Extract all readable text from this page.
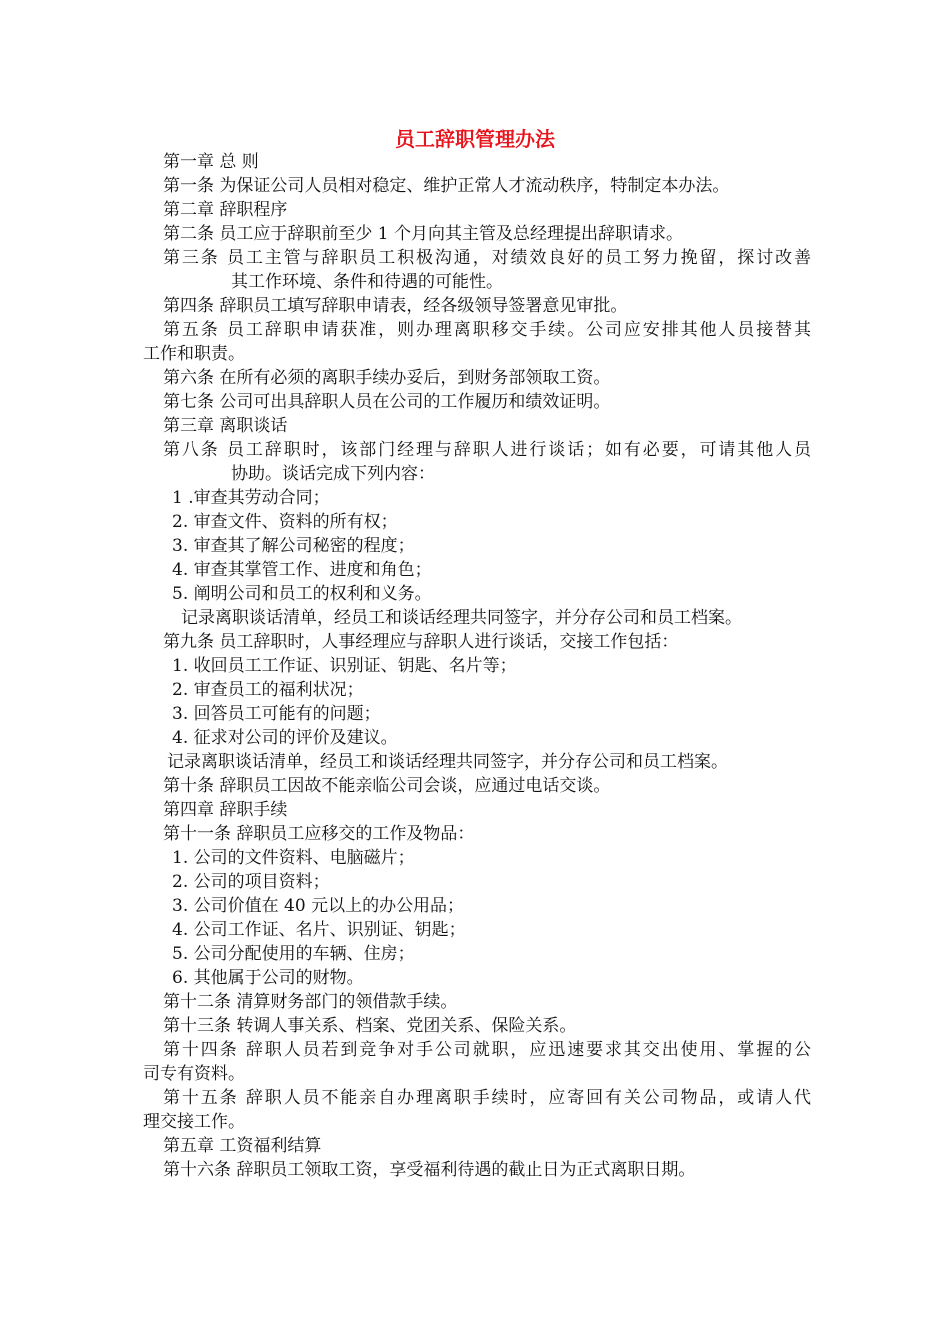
员工辞职管理办法
第一章 总 则
第一条 为保证公司人员相对稳定、维护正常人才流动秩序，特制定本办法。
第二章 辞职程序
第二条 员工应于辞职前至少 1 个月向其主管及总经理提出辞职请求。
第三条 员工主管与辞职员工积极沟通，对绩效良好的员工努力挽留，探讨改善
其工作环境、条件和待遇的可能性。
第四条 辞职员工填写辞职申请表，经各级领导签署意见审批。
第五条 员工辞职申请获准，则办理离职移交手续。公司应安排其他人员接替其
工作和职责。
第六条 在所有必须的离职手续办妥后，到财务部领取工资。
第七条 公司可出具辞职人员在公司的工作履历和绩效证明。
第三章 离职谈话
第八条 员工辞职时，该部门经理与辞职人进行谈话；如有必要，可请其他人员
协助。谈话完成下列内容：
1 .审查其劳动合同；
2. 审查文件、资料的所有权；
3. 审查其了解公司秘密的程度；
4. 审查其掌管工作、进度和角色；
5. 阐明公司和员工的权利和义务。
记录离职谈话清单，经员工和谈话经理共同签字，并分存公司和员工档案。
第九条 员工辞职时，人事经理应与辞职人进行谈话，交接工作包括：
1. 收回员工工作证、识别证、钥匙、名片等；
2. 审查员工的福利状况；
3. 回答员工可能有的问题；
4. 征求对公司的评价及建议。
记录离职谈话清单，经员工和谈话经理共同签字，并分存公司和员工档案。
第十条 辞职员工因故不能亲临公司会谈，应通过电话交谈。
第四章 辞职手续
第十一条 辞职员工应移交的工作及物品：
1. 公司的文件资料、电脑磁片；
2. 公司的项目资料；
3. 公司价值在 40 元以上的办公用品；
4. 公司工作证、名片、识别证、钥匙；
5. 公司分配使用的车辆、住房；
6. 其他属于公司的财物。
第十二条 清算财务部门的领借款手续。
第十三条 转调人事关系、档案、党团关系、保险关系。
第十四条 辞职人员若到竞争对手公司就职，应迅速要求其交出使用、掌握的公
司专有资料。
第十五条 辞职人员不能亲自办理离职手续时，应寄回有关公司物品，或请人代
理交接工作。
第五章 工资福利结算
第十六条 辞职员工领取工资，享受福利待遇的截止日为正式离职日期。
